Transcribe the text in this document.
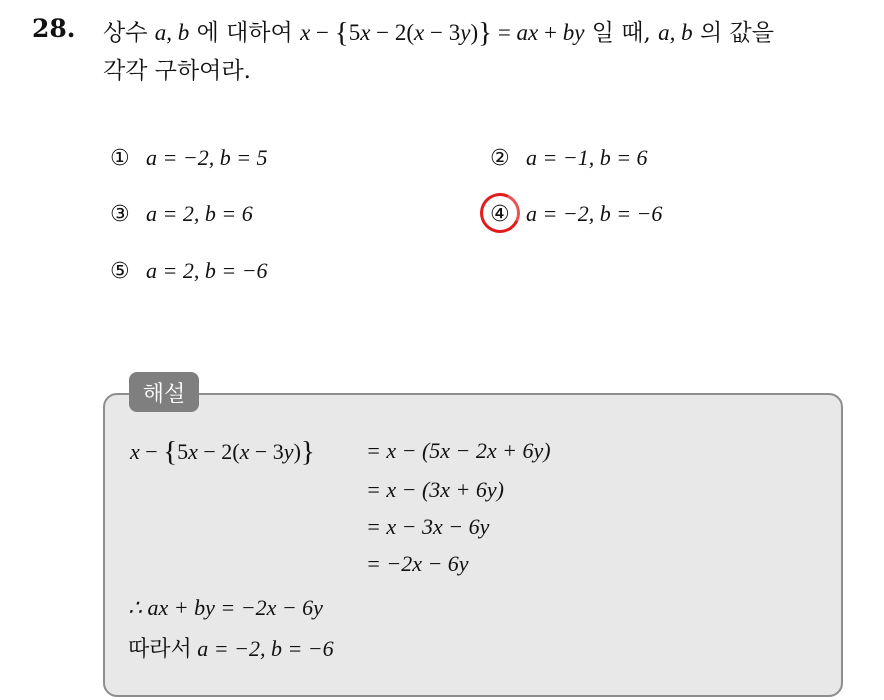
28. 상수 a, b 에 대하여 x − {5x − 2(x − 3y)} = ax + by 일 때, a, b 의 값을
각각 구하여라.
① a = −2, b = 5	② a = −1, b = 6
③ a = 2, b = 6	④ a = −2, b = −6
⑤ a = 2, b = −6
해설
x − {5x − 2(x − 3y)} = x − (5x − 2x + 6y)
= x − (3x + 6y)
= x − 3x − 6y
= −2x − 6y
∴ ax + by = −2x − 6y
따라서 a = −2, b = −6
